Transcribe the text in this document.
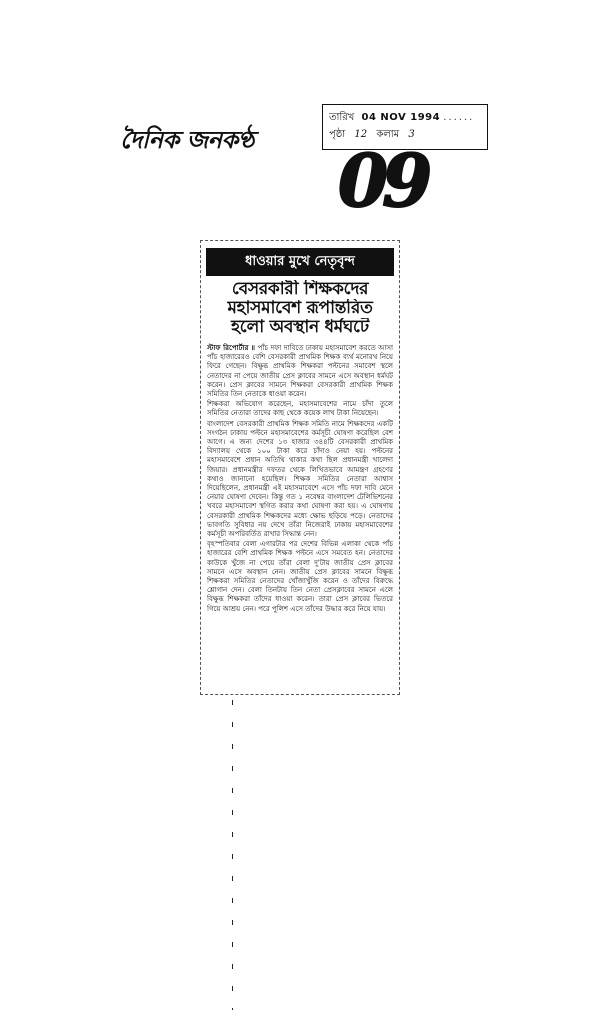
দৈনিক জনকণ্ঠ
তারিখ 04 NOV 1994 ......
পৃষ্ঠা 12 কলাম 3
09
ধাওয়ার মুখে নেতৃবৃন্দ
বেসরকারী শিক্ষকদের
মহাসমাবেশ রূপান্তরিত
হলো অবস্থান ধর্মঘটে

স্টাফ রিপোর্টার ॥ পাঁচ দফা দাবিতে ঢাকায় মহাসমাবেশ করতে আসা পাঁচ হাজারেরও বেশি বেসরকারী প্রাথমিক শিক্ষক ব্যর্থ মনোরথ নিয়ে ফিরে গেছেন। বিক্ষুব্ধ প্রাথমিক শিক্ষকরা পল্টনের সমাবেশ স্থলে নেতাদের না পেয়ে জাতীয় প্রেস ক্লাবের সামনে এসে অবস্থান ধর্মঘট করেন। প্রেস ক্লাবের সামনে শিক্ষকরা বেসরকারী প্রাথমিক শিক্ষক সমিতির তিন নেতাকে ধাওয়া করেন।

শিক্ষকরা অভিযোগ করেছেন, মহাসমাবেশের নামে চাঁদা তুলে সমিতির নেতারা তাদের কাছ থেকে কয়েক লাখ টাকা নিয়েছেন।

বাংলাদেশ বেসরকারী প্রাথমিক শিক্ষক সমিতি নামে শিক্ষকদের একটি সংগঠন ঢাকায় পল্টনে মহাসমাবেশের কর্মসূচী ঘোষণা করেছিল বেশ আগে। এ জন্য দেশের ১৩ হাজার ৩৪৪টি বেসরকারী প্রাথমিক বিদ্যালয় থেকে ১০০ টাকা করে চাঁদাও নেয়া হয়। পল্টনের মহাসমাবেশে প্রধান অতিথি থাকার কথা ছিল প্রধানমন্ত্রী খালেদা জিয়ার। প্রধানমন্ত্রীর দফতর থেকে লিখিতভাবে আমন্ত্রণ গ্রহণের কথাও জানানো হয়েছিল। শিক্ষক সমিতির নেতারা আশ্বাস দিয়েছিলেন, প্রধানমন্ত্রী এই মহাসমাবেশে এসে পাঁচ দফা দাবি মেনে নেয়ার ঘোষণা দেবেন। কিন্তু গত ১ নবেম্বর বাংলাদেশ টেলিভিশনের খবরে মহাসমাবেশ স্থগিত করার কথা ঘোষণা করা হয়। এ ঘোষণায় বেসরকারী প্রাথমিক শিক্ষকদের মধ্যে ক্ষোভ ছড়িয়ে পড়ে। নেতাদের ভাবগতি সুবিধার নয় দেখে তাঁরা নিজেরাই ঢাকায় মহাসমাবেশের কর্মসূচী অপরিবর্তিত রাখার সিদ্ধান্ত নেন।

বৃহস্পতিবার বেলা এগারটার পর দেশের বিভিন্ন এলাকা থেকে পাঁচ হাজারের বেশি প্রাথমিক শিক্ষক পল্টনে এসে সমবেত হন। নেতাদের কাউকে খুঁজে না পেয়ে তাঁরা বেলা দু'টায় জাতীয় প্রেস ক্লাবের সামনে এসে অবস্থান নেন। জাতীয় প্রেস ক্লাবের সামনে বিক্ষুব্ধ শিক্ষকরা সমিতির নেতাদের খোঁজাখুঁজি করেন ও তাঁদের বিরুদ্ধে শ্লোগান দেন। বেলা তিনটায় তিন নেতা প্রেসক্লাবের সামনে এলে বিক্ষুব্ধ শিক্ষকরা তাঁদের ধাওয়া করেন। তারা প্রেস ক্লাবের ভিতরে গিয়ে আশ্রয় নেন। পরে পুলিশ এসে তাঁদের উদ্ধার করে নিয়ে যায়।
